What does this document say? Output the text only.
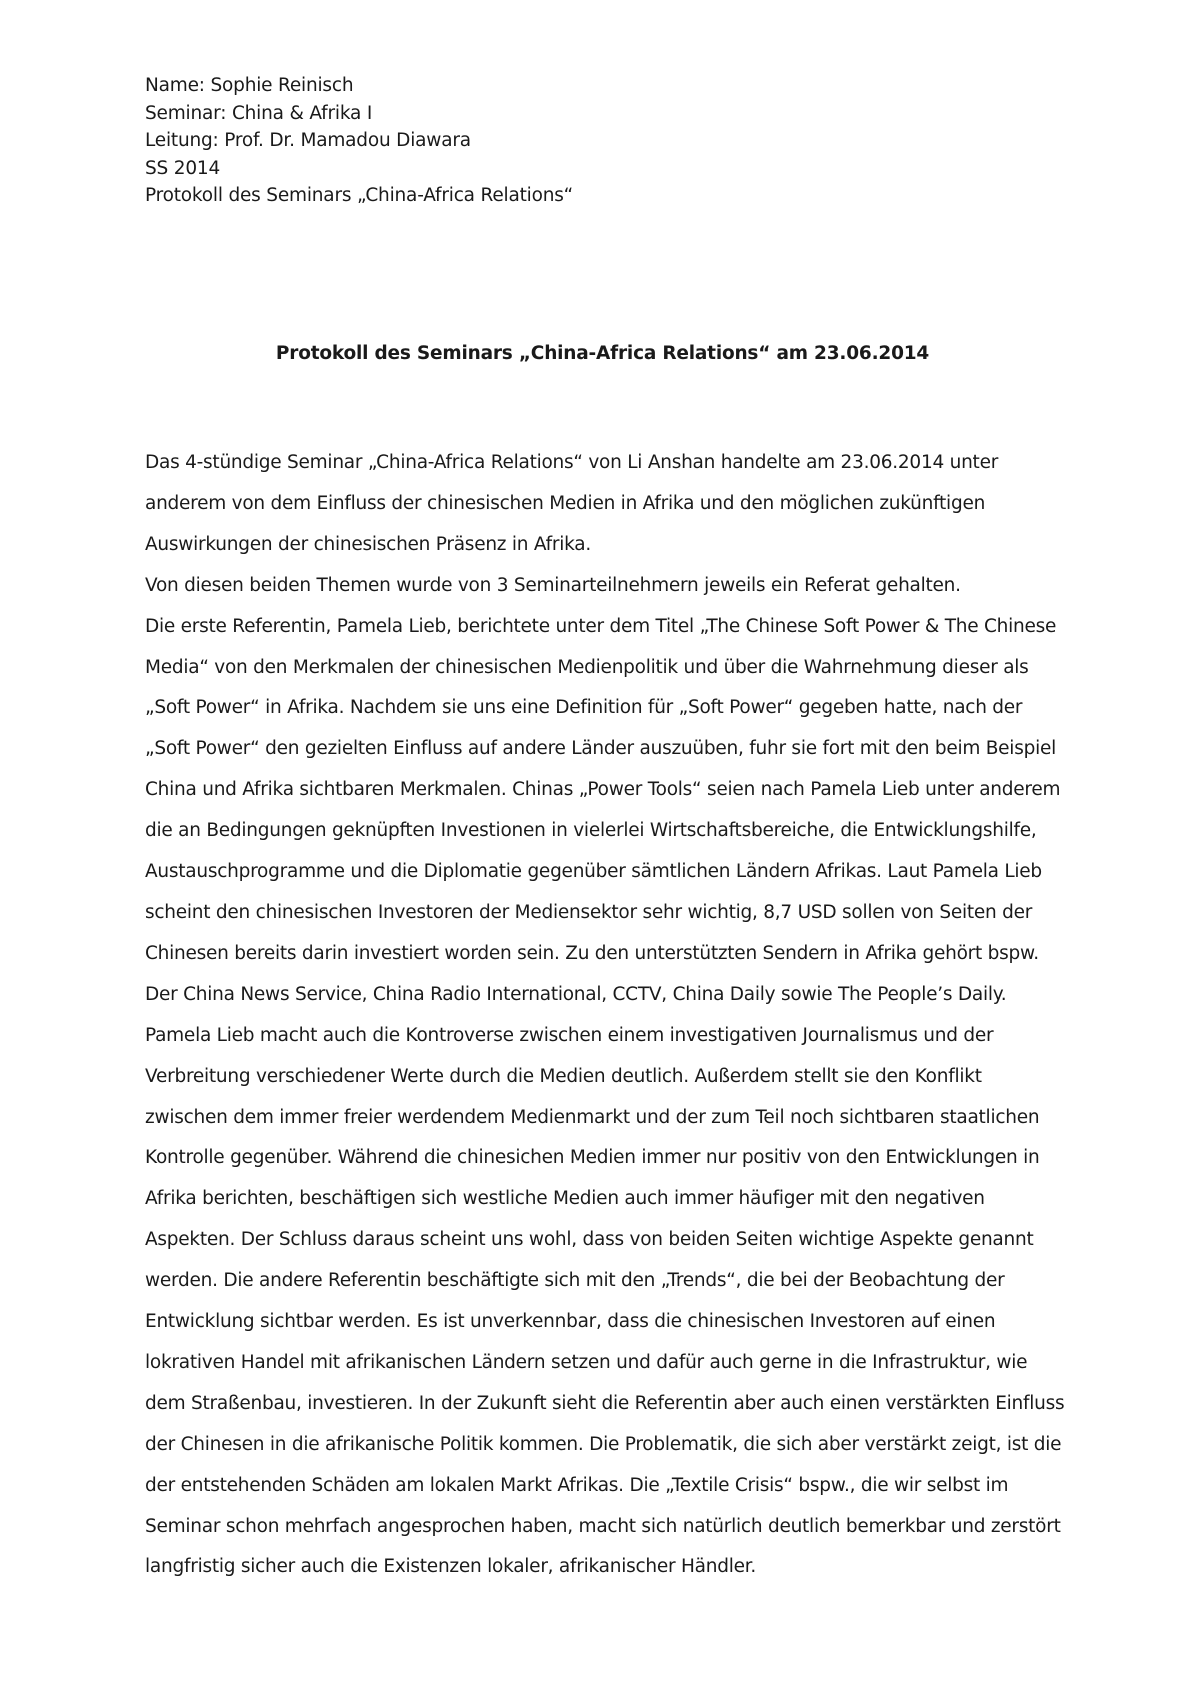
Name: Sophie Reinisch
Seminar: China & Afrika I
Leitung: Prof. Dr. Mamadou Diawara
SS 2014
Protokoll des Seminars „China-Africa Relations“
Protokoll des Seminars „China-Africa Relations“ am 23.06.2014
Das 4-stündige Seminar „China-Africa Relations“ von Li Anshan handelte am 23.06.2014 unter
anderem von dem Einfluss der chinesischen Medien in Afrika und den möglichen zukünftigen
Auswirkungen der chinesischen Präsenz in Afrika.
Von diesen beiden Themen wurde von 3 Seminarteilnehmern jeweils ein Referat gehalten.
Die erste Referentin, Pamela Lieb, berichtete unter dem Titel „The Chinese Soft Power & The Chinese
Media“ von den Merkmalen der chinesischen Medienpolitik und über die Wahrnehmung dieser als
„Soft Power“ in Afrika. Nachdem sie uns eine Definition für „Soft Power“ gegeben hatte, nach der
„Soft Power“ den gezielten Einfluss auf andere Länder auszuüben, fuhr sie fort mit den beim Beispiel
China und Afrika sichtbaren Merkmalen. Chinas „Power Tools“ seien nach Pamela Lieb unter anderem
die an Bedingungen geknüpften Investionen in vielerlei Wirtschaftsbereiche, die Entwicklungshilfe,
Austauschprogramme und die Diplomatie gegenüber sämtlichen Ländern Afrikas. Laut Pamela Lieb
scheint den chinesischen Investoren der Mediensektor sehr wichtig, 8,7 USD sollen von Seiten der
Chinesen bereits darin investiert worden sein. Zu den unterstützten Sendern in Afrika gehört bspw.
Der China News Service, China Radio International, CCTV, China Daily sowie The People’s Daily.
Pamela Lieb macht auch die Kontroverse zwischen einem investigativen Journalismus und der
Verbreitung verschiedener Werte durch die Medien deutlich. Außerdem stellt sie den Konflikt
zwischen dem immer freier werdendem Medienmarkt und der zum Teil noch sichtbaren staatlichen
Kontrolle gegenüber. Während die chinesichen Medien immer nur positiv von den Entwicklungen in
Afrika berichten, beschäftigen sich westliche Medien auch immer häufiger mit den negativen
Aspekten. Der Schluss daraus scheint uns wohl, dass von beiden Seiten wichtige Aspekte genannt
werden. Die andere Referentin beschäftigte sich mit den „Trends“, die bei der Beobachtung der
Entwicklung sichtbar werden. Es ist unverkennbar, dass die chinesischen Investoren auf einen
lokrativen Handel mit afrikanischen Ländern setzen und dafür auch gerne in die Infrastruktur, wie
dem Straßenbau, investieren. In der Zukunft sieht die Referentin aber auch einen verstärkten Einfluss
der Chinesen in die afrikanische Politik kommen. Die Problematik, die sich aber verstärkt zeigt, ist die
der entstehenden Schäden am lokalen Markt Afrikas. Die „Textile Crisis“ bspw., die wir selbst im
Seminar schon mehrfach angesprochen haben, macht sich natürlich deutlich bemerkbar und zerstört
langfristig sicher auch die Existenzen lokaler, afrikanischer Händler.
